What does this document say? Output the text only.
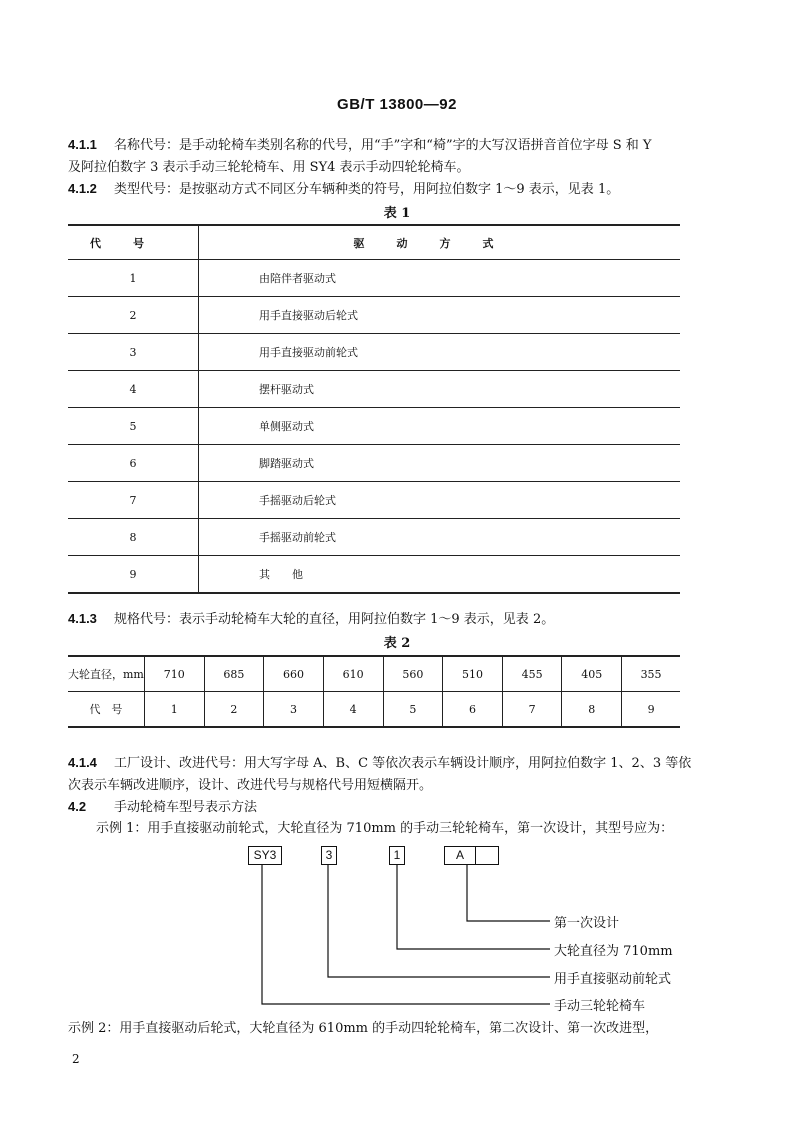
GB/T 13800—92
4.1.1 名称代号：是手动轮椅车类别名称的代号，用“手”字和“椅”字的大写汉语拼音首位字母 S 和 Y
及阿拉伯数字 3 表示手动三轮轮椅车、用 SY4 表示手动四轮轮椅车。
4.1.2 类型代号：是按驱动方式不同区分车辆种类的符号，用阿拉伯数字 1～9 表示，见表 1。
表 1
代号	驱动方式
1	由陪伴者驱动式
2	用手直接驱动后轮式
3	用手直接驱动前轮式
4	摆杆驱动式
5	单侧驱动式
6	脚踏驱动式
7	手摇驱动后轮式
8	手摇驱动前轮式
9	其　　他
4.1.3 规格代号：表示手动轮椅车大轮的直径，用阿拉伯数字 1～9 表示，见表 2。
表 2
大轮直径，mm	710	685	660	610	560	510	455	405	355
代　号	1	2	3	4	5	6	7	8	9
4.1.4 工厂设计、改进代号：用大写字母 A、B、C 等依次表示车辆设计顺序，用阿拉伯数字 1、2、3 等依
次表示车辆改进顺序，设计、改进代号与规格代号用短横隔开。
4.2 手动轮椅车型号表示方法
示例 1：用手直接驱动前轮式，大轮直径为 710mm 的手动三轮轮椅车，第一次设计，其型号应为：
SY3	3	1	A
第一次设计
大轮直径为 710mm
用手直接驱动前轮式
手动三轮轮椅车
示例 2：用手直接驱动后轮式，大轮直径为 610mm 的手动四轮轮椅车，第二次设计、第一次改进型，
2
